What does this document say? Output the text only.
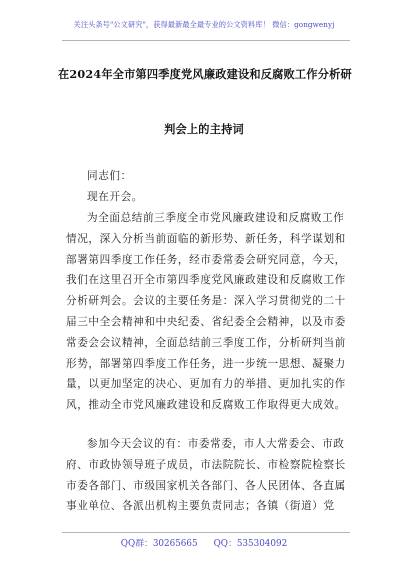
关注头条号"公文研究"，获得最新最全最专业的公文资料库！ 微信：gongwenyj
在2024年全市第四季度党风廉政建设和反腐败工作分析研
判会上的主持词
同志们：
现在开会。
为全面总结前三季度全市党风廉政建设和反腐败工作
情况，深入分析当前面临的新形势、新任务，科学谋划和
部署第四季度工作任务，经市委常委会研究同意，今天，
我们在这里召开全市第四季度党风廉政建设和反腐败工作
分析研判会。会议的主要任务是：深入学习贯彻党的二十
届三中全会精神和中央纪委、省纪委全会精神，以及市委
常委会会议精神，全面总结前三季度工作，分析研判当前
形势，部署第四季度工作任务，进一步统一思想、凝聚力
量，以更加坚定的决心、更加有力的举措、更加扎实的作
风，推动全市党风廉政建设和反腐败工作取得更大成效。
参加今天会议的有：市委常委，市人大常委会、市政
府、市政协领导班子成员，市法院院长、市检察院检察长
市委各部门、市级国家机关各部门、各人民团体、各直属
事业单位、各派出机构主要负责同志；各镇（街道）党
QQ群：30265665 QQ：535304092
